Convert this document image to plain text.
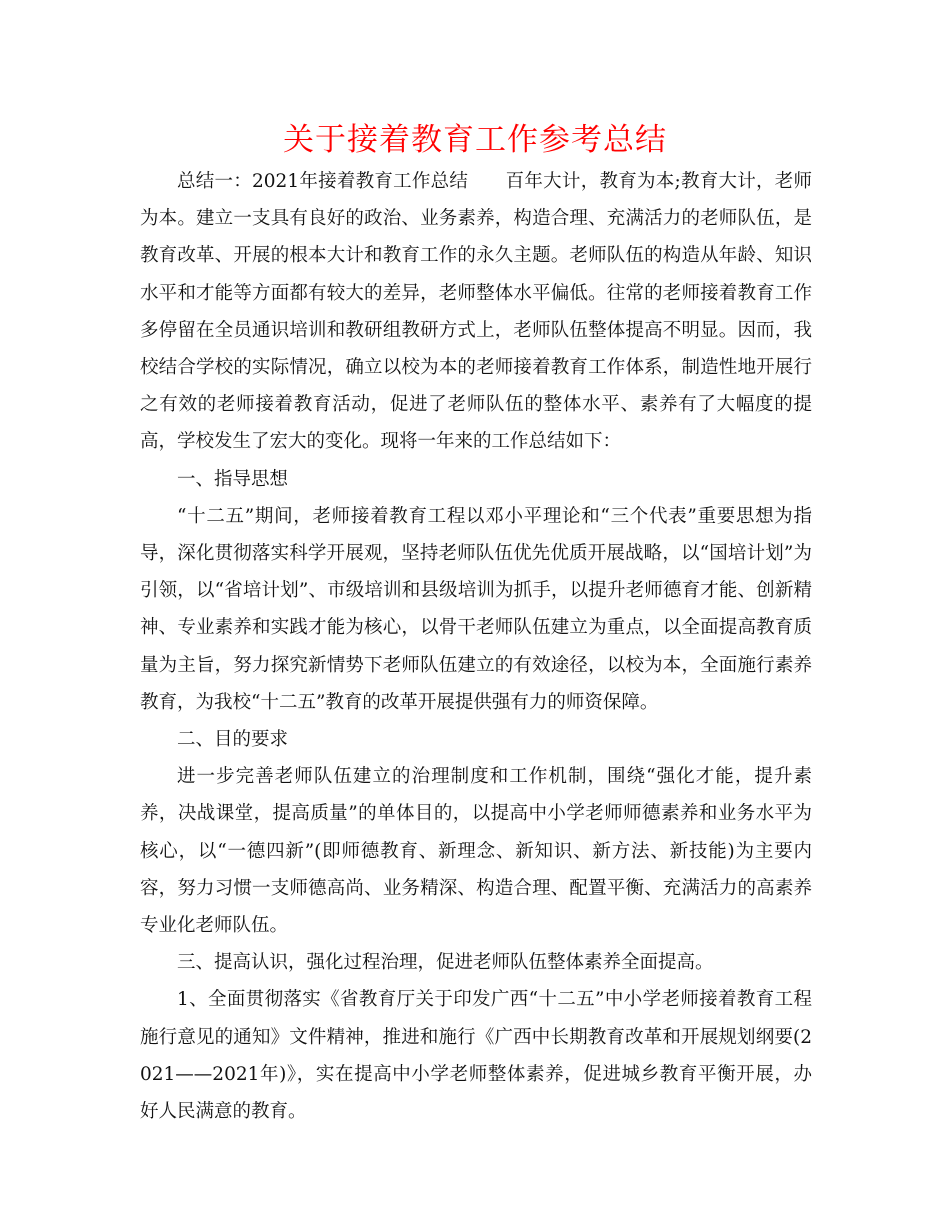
关于接着教育工作参考总结

总结一：2021年接着教育工作总结　　百年大计，教育为本;教育大计，老师为本。建立一支具有良好的政治、业务素养，构造合理、充满活力的老师队伍，是教育改革、开展的根本大计和教育工作的永久主题。老师队伍的构造从年龄、知识水平和才能等方面都有较大的差异，老师整体水平偏低。往常的老师接着教育工作多停留在全员通识培训和教研组教研方式上，老师队伍整体提高不明显。因而，我校结合学校的实际情况，确立以校为本的老师接着教育工作体系，制造性地开展行之有效的老师接着教育活动，促进了老师队伍的整体水平、素养有了大幅度的提高，学校发生了宏大的变化。现将一年来的工作总结如下：

一、指导思想

“十二五”期间，老师接着教育工程以邓小平理论和“三个代表”重要思想为指导，深化贯彻落实科学开展观，坚持老师队伍优先优质开展战略，以“国培计划”为引领，以“省培计划”、市级培训和县级培训为抓手，以提升老师德育才能、创新精神、专业素养和实践才能为核心，以骨干老师队伍建立为重点，以全面提高教育质量为主旨，努力探究新情势下老师队伍建立的有效途径，以校为本，全面施行素养教育，为我校“十二五”教育的改革开展提供强有力的师资保障。

二、目的要求

进一步完善老师队伍建立的治理制度和工作机制，围绕“强化才能，提升素养，决战课堂，提高质量”的单体目的，以提高中小学老师师德素养和业务水平为核心，以“一德四新”(即师德教育、新理念、新知识、新方法、新技能)为主要内容，努力习惯一支师德高尚、业务精深、构造合理、配置平衡、充满活力的高素养专业化老师队伍。

三、提高认识，强化过程治理，促进老师队伍整体素养全面提高。

1、全面贯彻落实《省教育厅关于印发广西“十二五”中小学老师接着教育工程施行意见的通知》文件精神，推进和施行《广西中长期教育改革和开展规划纲要(2021——2021年)》，实在提高中小学老师整体素养，促进城乡教育平衡开展，办好人民满意的教育。
